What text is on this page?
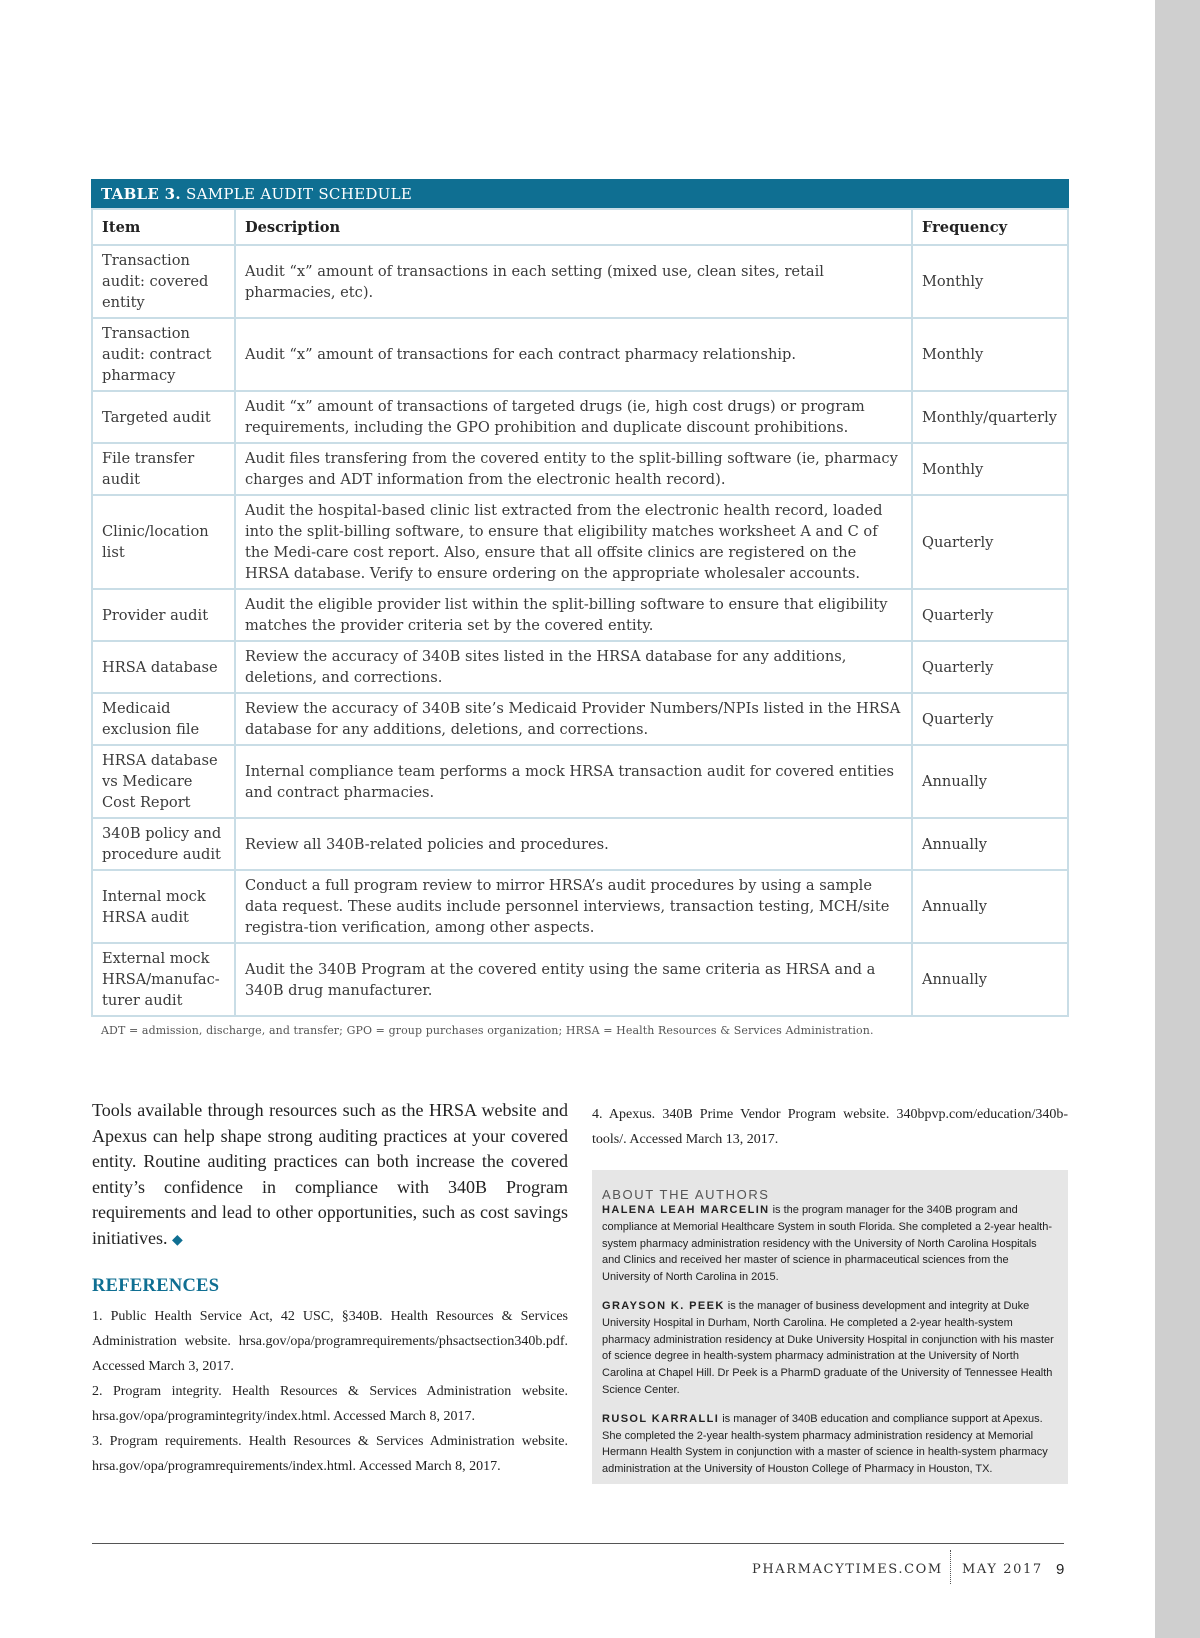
TABLE 3. SAMPLE AUDIT SCHEDULE
Item	Description	Frequency
Transaction audit: covered entity	Audit “x” amount of transactions in each setting (mixed use, clean sites, retail pharmacies, etc).	Monthly
Transaction audit: contract pharmacy	Audit “x” amount of transactions for each contract pharmacy relationship.	Monthly
Targeted audit	Audit “x” amount of transactions of targeted drugs (ie, high cost drugs) or program requirements, including the GPO prohibition and duplicate discount prohibitions.	Monthly/quarterly
File transfer audit	Audit files transfering from the covered entity to the split-billing software (ie, pharmacy charges and ADT information from the electronic health record).	Monthly
Clinic/location list	Audit the hospital-based clinic list extracted from the electronic health record, loaded into the split-billing software, to ensure that eligibility matches worksheet A and C of the Medi-care cost report. Also, ensure that all offsite clinics are registered on the HRSA database. Verify to ensure ordering on the appropriate wholesaler accounts.	Quarterly
Provider audit	Audit the eligible provider list within the split-billing software to ensure that eligibility matches the provider criteria set by the covered entity.	Quarterly
HRSA database	Review the accuracy of 340B sites listed in the HRSA database for any additions, deletions, and corrections.	Quarterly
Medicaid exclusion file	Review the accuracy of 340B site’s Medicaid Provider Numbers/NPIs listed in the HRSA database for any additions, deletions, and corrections.	Quarterly
HRSA database vs Medicare Cost Report	Internal compliance team performs a mock HRSA transaction audit for covered entities and contract pharmacies.	Annually
340B policy and procedure audit	Review all 340B-related policies and procedures.	Annually
Internal mock HRSA audit	Conduct a full program review to mirror HRSA’s audit procedures by using a sample data request. These audits include personnel interviews, transaction testing, MCH/site registra-tion verification, among other aspects.	Annually
External mock HRSA/manufac-turer audit	Audit the 340B Program at the covered entity using the same criteria as HRSA and a 340B drug manufacturer.	Annually
ADT = admission, discharge, and transfer; GPO = group purchases organization; HRSA = Health Resources & Services Administration.
Tools available through resources such as the HRSA website and Apexus can help shape strong auditing practices at your covered entity. Routine auditing practices can both increase the covered entity’s confidence in compliance with 340B Program requirements and lead to other opportunities, such as cost savings initiatives. ◆
REFERENCES

1. Public Health Service Act, 42 USC, §340B. Health Resources & Services Administration website. hrsa.gov/opa/programrequirements/phsactsection340b.pdf. Accessed March 3, 2017.

2. Program integrity. Health Resources & Services Administration website. hrsa.gov/opa/programintegrity/index.html. Accessed March 8, 2017.

3. Program requirements. Health Resources & Services Administration website. hrsa.gov/opa/programrequirements/index.html. Accessed March 8, 2017.

4. Apexus. 340B Prime Vendor Program website. 340bpvp.com/education/340b-tools/. Accessed March 13, 2017.
ABOUT THE AUTHORS

HALENA LEAH MARCELIN is the program manager for the 340B program and compliance at Memorial Healthcare System in south Florida. She completed a 2-year health-system pharmacy administration residency with the University of North Carolina Hospitals and Clinics and received her master of science in pharmaceutical sciences from the University of North Carolina in 2015.

GRAYSON K. PEEK is the manager of business development and integrity at Duke University Hospital in Durham, North Carolina. He completed a 2-year health-system pharmacy administration residency at Duke University Hospital in conjunction with his master of science degree in health-system pharmacy administration at the University of North Carolina at Chapel Hill. Dr Peek is a PharmD graduate of the University of Tennessee Health Science Center.

RUSOL KARRALLI is manager of 340B education and compliance support at Apexus. She completed the 2-year health-system pharmacy administration residency at Memorial Hermann Health System in conjunction with a master of science in health-system pharmacy administration at the University of Houston College of Pharmacy in Houston, TX.

PHARMACYTIMES.COM MAY 2017 9
